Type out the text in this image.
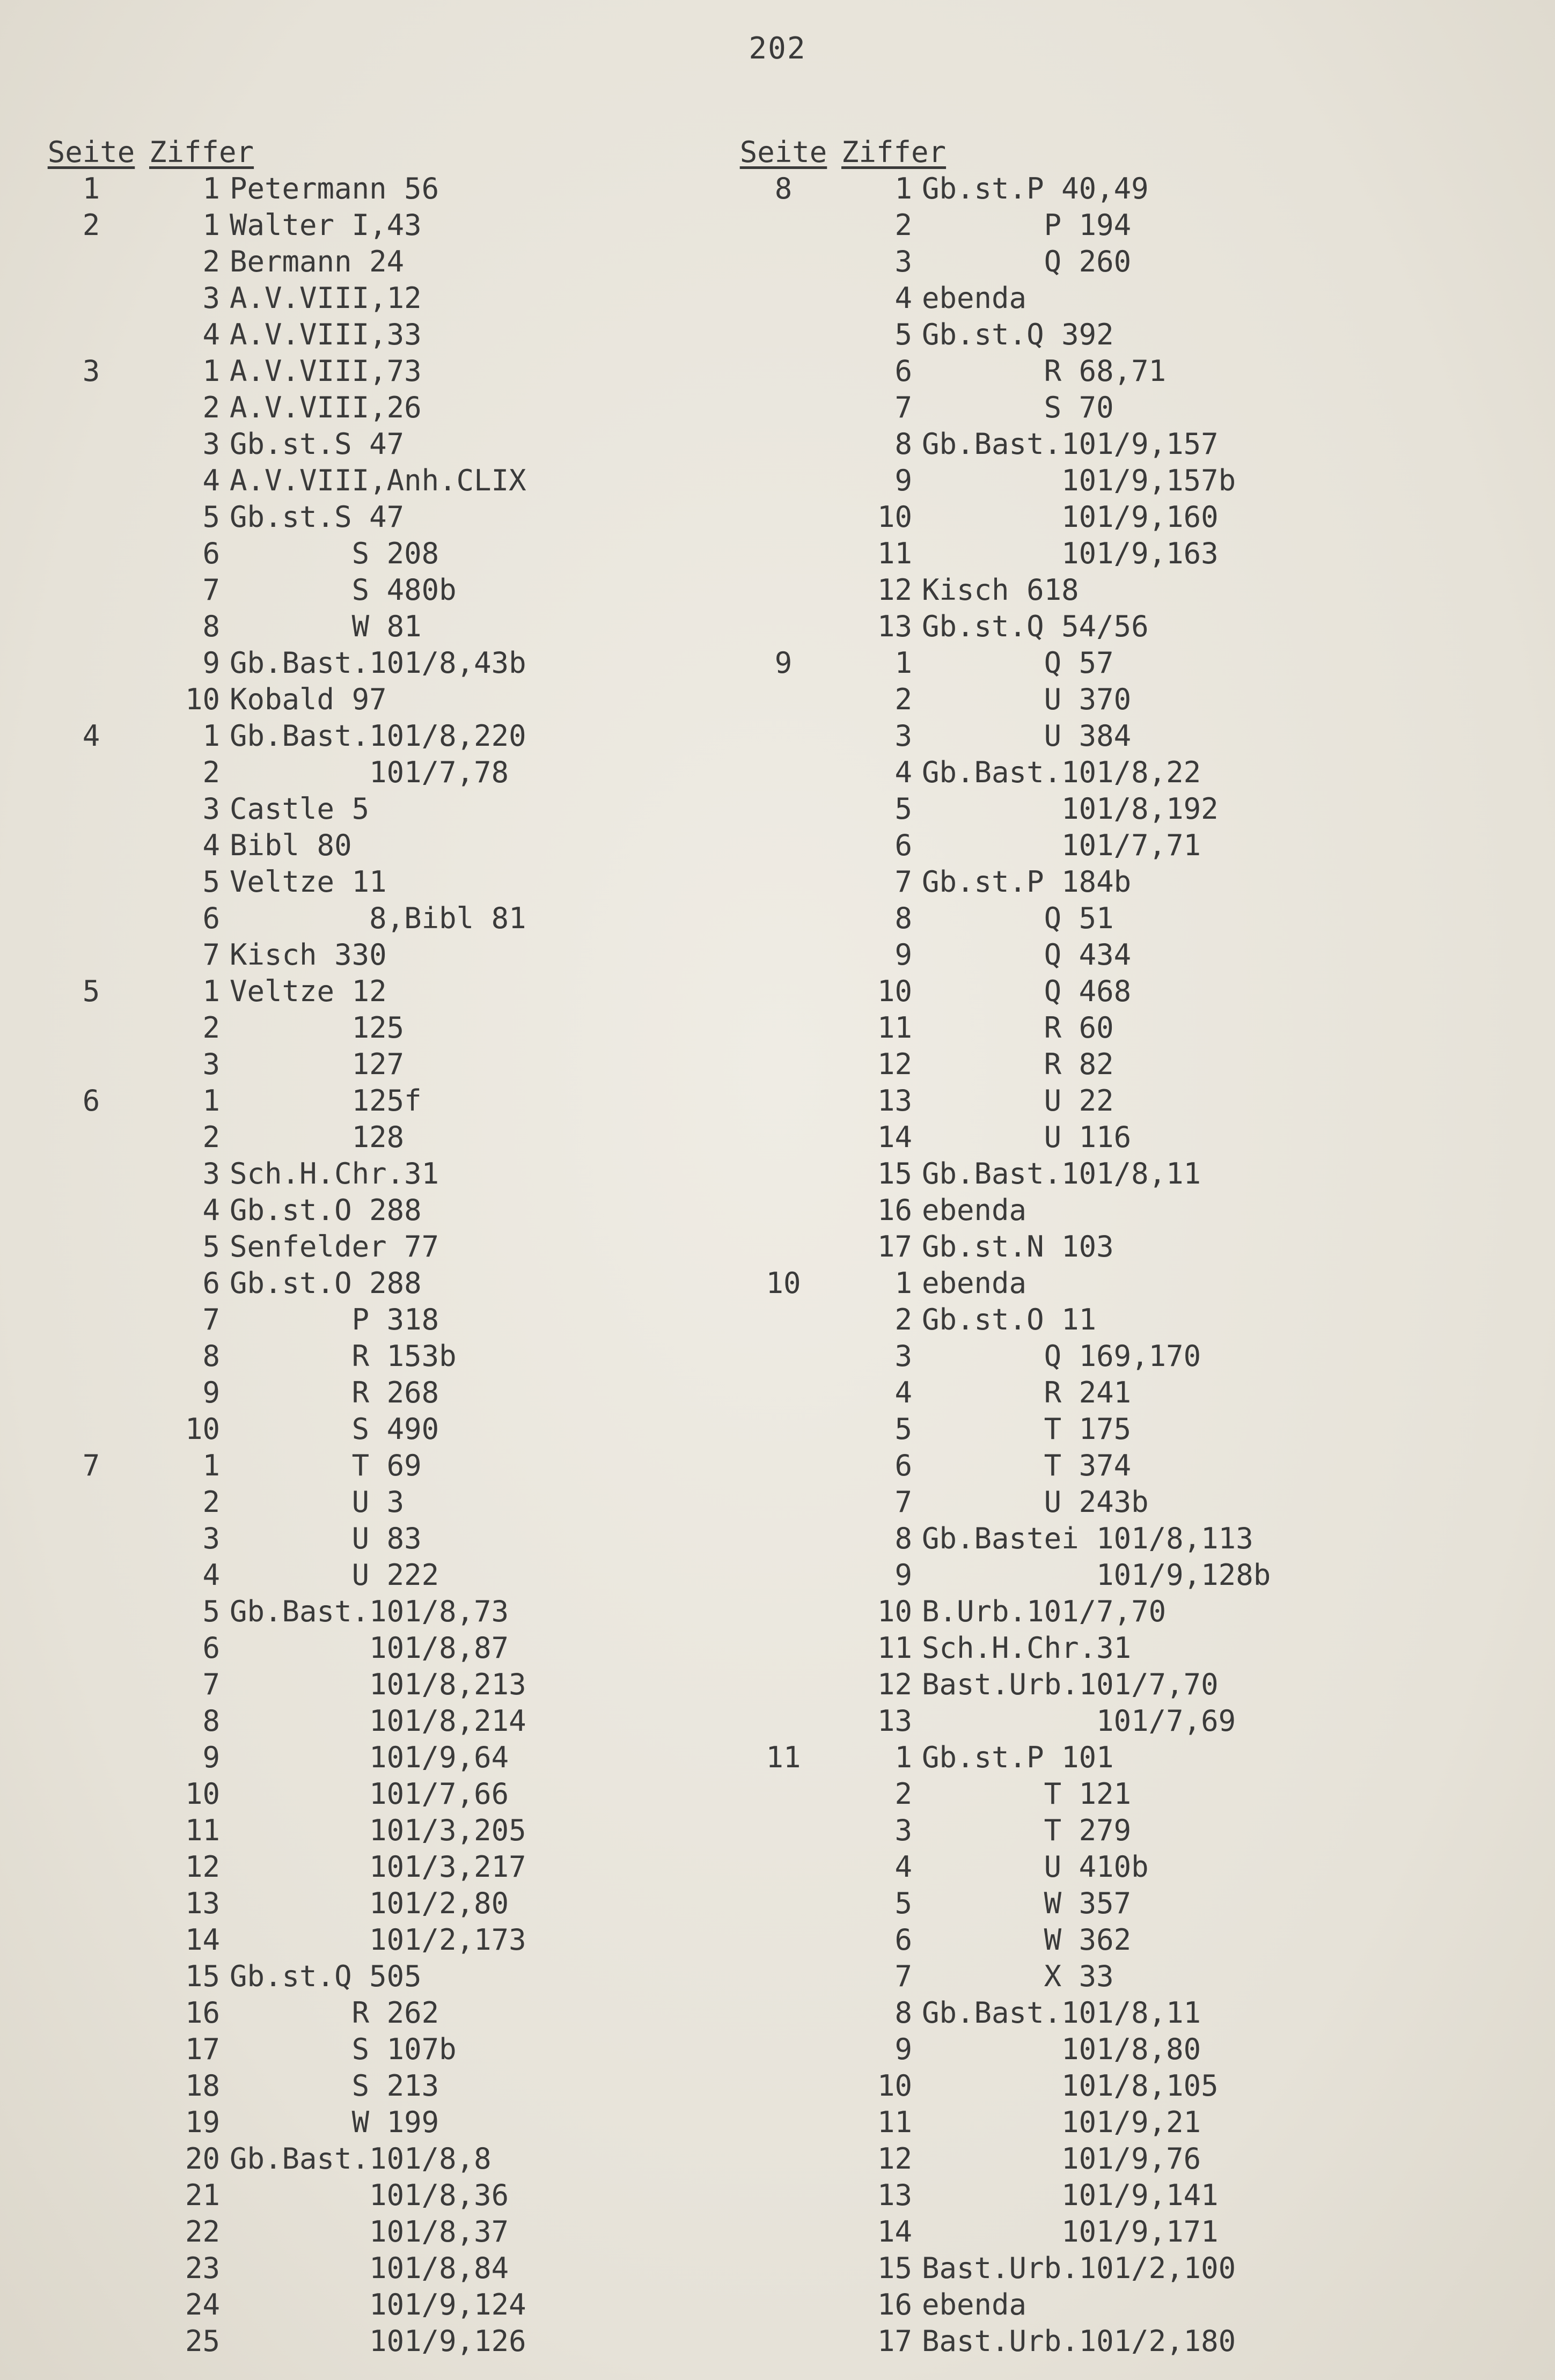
202
Seite Ziffer
1	1 Petermann 56
2	1 Walter I,43
2 Bermann 24
3 A.V.VIII,12
4 A.V.VIII,33
3	1 A.V.VIII,73
2 A.V.VIII,26
3 Gb.st.S 47
4 A.V.VIII,Anh.CLIX
5 Gb.st.S 47
6 S 208
7 S 480b
8 W 81
9 Gb.Bast.101/8,43b
10 Kobald 97
4	1 Gb.Bast.101/8,220
2 101/7,78
3 Castle 5
4 Bibl 80
5 Veltze 11
6 8,Bibl 81
7 Kisch 330
5	1 Veltze 12
2 125
3 127
6	1 125f
2 128
3 Sch.H.Chr.31
4 Gb.st.O 288
5 Senfelder 77
6 Gb.st.O 288
7 P 318
8 R 153b
9 R 268
10 S 490
7	1 T 69
2 U 3
3 U 83
4 U 222
5 Gb.Bast.101/8,73
6 101/8,87
7 101/8,213
8 101/8,214
9 101/9,64
10 101/7,66
11 101/3,205
12 101/3,217
13 101/2,80
14 101/2,173
15 Gb.st.Q 505
16 R 262
17 S 107b
18 S 213
19 W 199
20 Gb.Bast.101/8,8
21 101/8,36
22 101/8,37
23 101/8,84
24 101/9,124
25 101/9,126
Seite Ziffer
8	1 Gb.st.P 40,49
2 P 194
3 Q 260
4 ebenda
5 Gb.st.Q 392
6 R 68,71
7 S 70
8 Gb.Bast.101/9,157
9 101/9,157b
10 101/9,160
11 101/9,163
12 Kisch 618
13 Gb.st.Q 54/56
9	1 Q 57
2 U 370
3 U 384
4 Gb.Bast.101/8,22
5 101/8,192
6 101/7,71
7 Gb.st.P 184b
8 Q 51
9 Q 434
10 Q 468
11 R 60
12 R 82
13 U 22
14 U 116
15 Gb.Bast.101/8,11
16 ebenda
17 Gb.st.N 103
10	1 ebenda
2 Gb.st.O 11
3 Q 169,170
4 R 241
5 T 175
6 T 374
7 U 243b
8 Gb.Bastei 101/8,113
9 101/9,128b
10 B.Urb.101/7,70
11 Sch.H.Chr.31
12 Bast.Urb.101/7,70
13 101/7,69
11	1 Gb.st.P 101
2 T 121
3 T 279
4 U 410b
5 W 357
6 W 362
7 X 33
8 Gb.Bast.101/8,11
9 101/8,80
10 101/8,105
11 101/9,21
12 101/9,76
13 101/9,141
14 101/9,171
15 Bast.Urb.101/2,100
16 ebenda
17 Bast.Urb.101/2,180
